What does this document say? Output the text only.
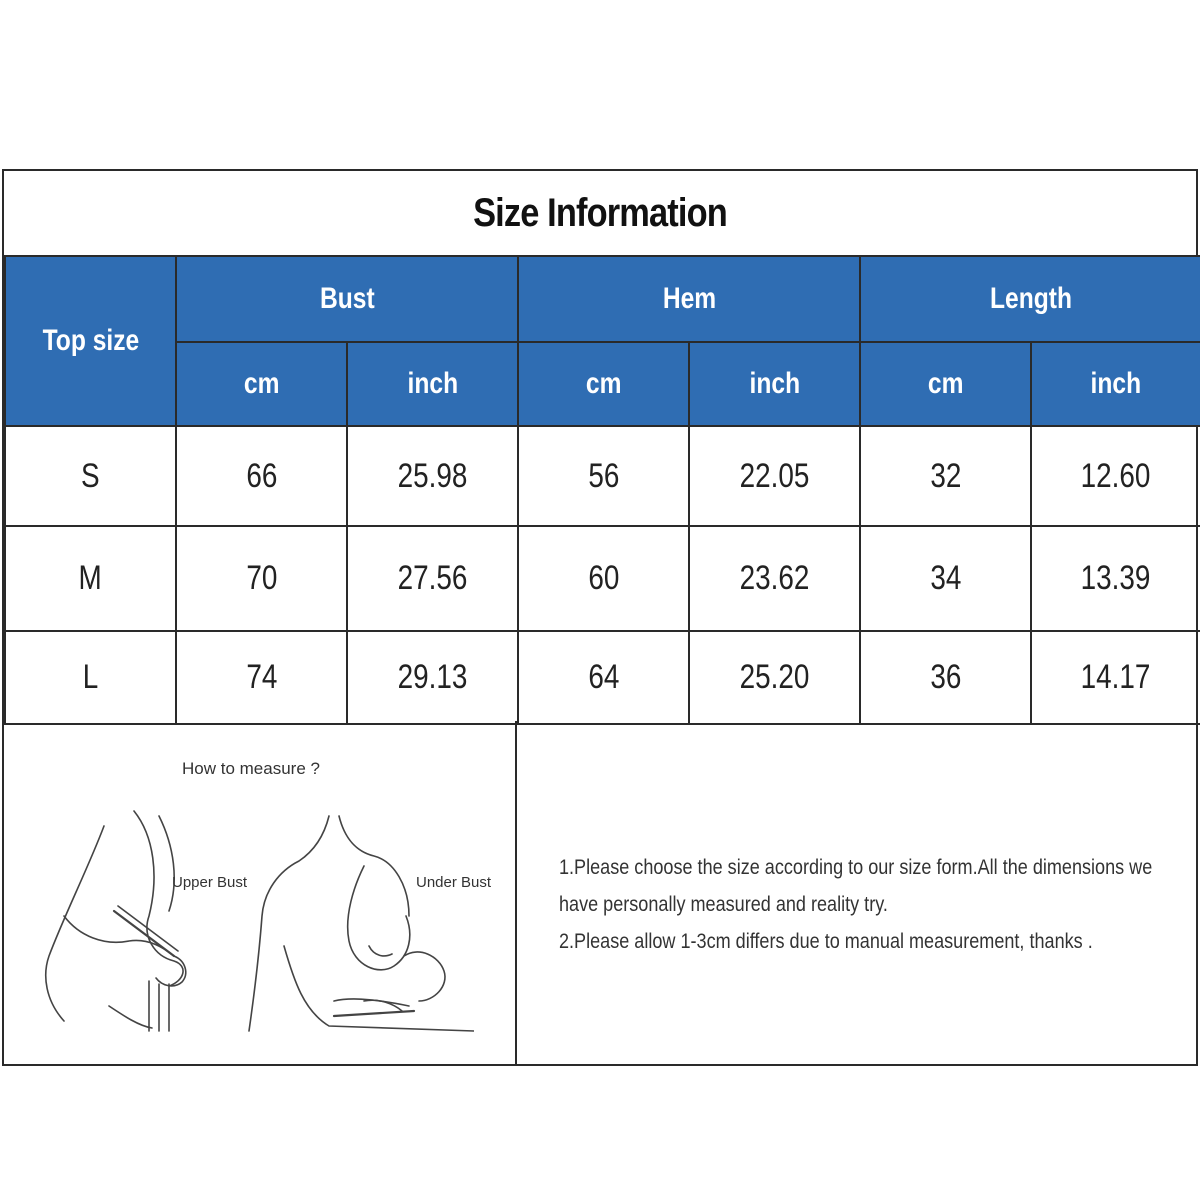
Size Information
Top size	Bust		Hem		Length	
	cm	inch	cm	inch	cm	inch
S	66	25.98	56	22.05	32	12.60
M	70	27.56	60	23.62	34	13.39
L	74	29.13	64	25.20	36	14.17
How to measure ?
Upper Bust	Under Bust
1.Please choose the size according to our size form.All the dimensions we
have personally measured and reality try.
2.Please allow 1-3cm differs due to manual measurement, thanks .
